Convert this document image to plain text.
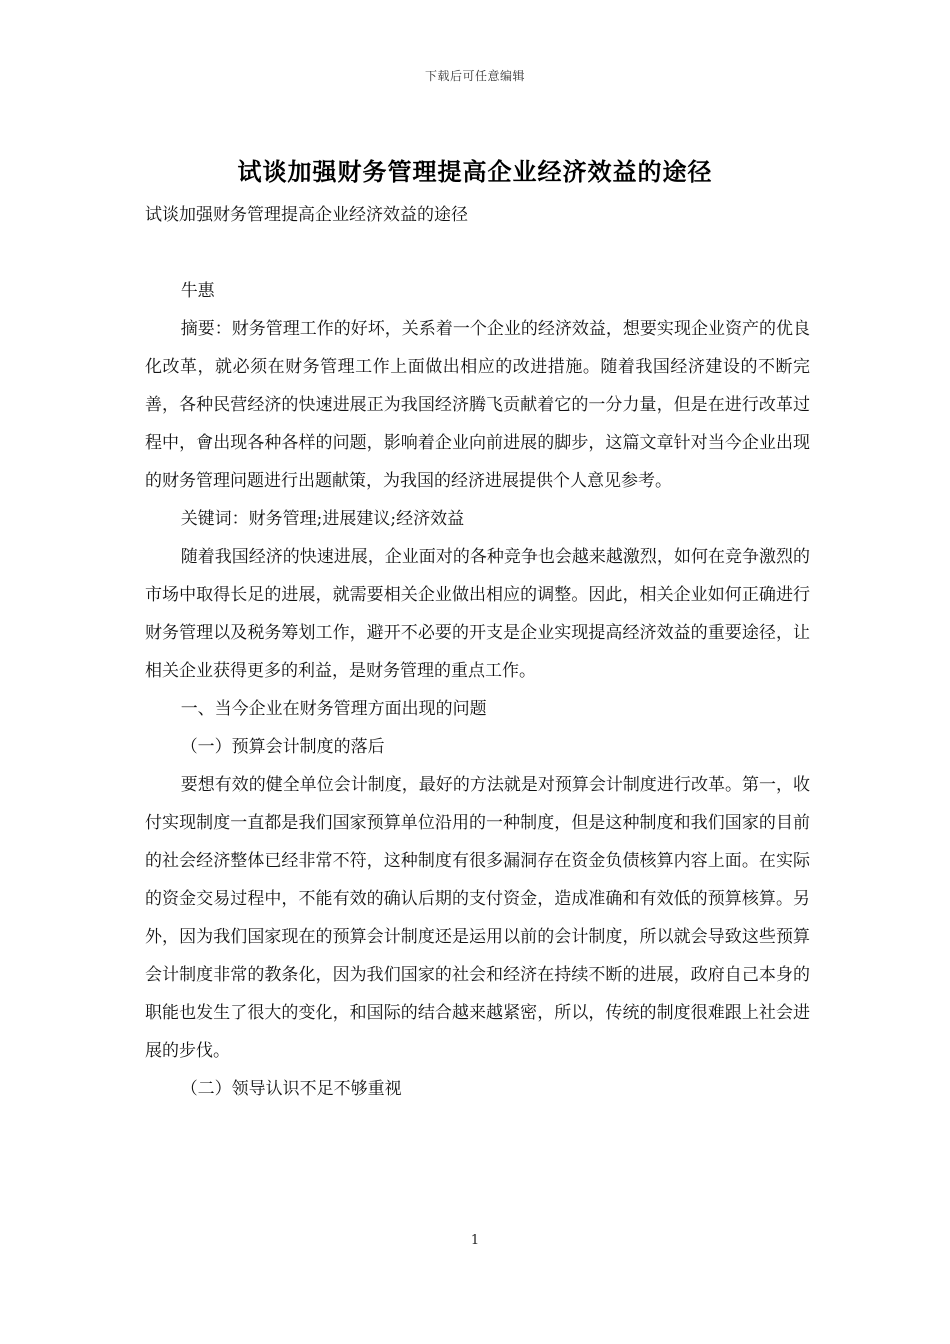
下载后可任意编辑
试谈加强财务管理提高企业经济效益的途径

试谈加强财务管理提高企业经济效益的途径

牛惠

摘要：财务管理工作的好坏，关系着一个企业的经济效益，想要实现企业资产的优良化改革，就必须在财务管理工作上面做出相应的改进措施。随着我国经济建设的不断完善，各种民营经济的快速进展正为我国经济腾飞贡献着它的一分力量，但是在进行改革过程中，會出现各种各样的问题，影响着企业向前进展的脚步，这篇文章针对当今企业出现的财务管理问题进行出题献策，为我国的经济进展提供个人意见参考。

关键词：财务管理;进展建议;经济效益

随着我国经济的快速进展，企业面对的各种竞争也会越来越激烈，如何在竞争激烈的市场中取得长足的进展，就需要相关企业做出相应的调整。因此，相关企业如何正确进行财务管理以及税务筹划工作，避开不必要的开支是企业实现提高经济效益的重要途径，让相关企业获得更多的利益，是财务管理的重点工作。

一、当今企业在财务管理方面出现的问题

（一）预算会计制度的落后

要想有效的健全单位会计制度，最好的方法就是对预算会计制度进行改革。第一，收付实现制度一直都是我们国家预算单位沿用的一种制度，但是这种制度和我们国家的目前的社会经济整体已经非常不符，这种制度有很多漏洞存在资金负债核算内容上面。在实际的资金交易过程中，不能有效的确认后期的支付资金，造成准确和有效低的预算核算。另外，因为我们国家现在的预算会计制度还是运用以前的会计制度，所以就会导致这些预算会计制度非常的教条化，因为我们国家的社会和经济在持续不断的进展，政府自己本身的职能也发生了很大的变化，和国际的结合越来越紧密，所以，传统的制度很难跟上社会进展的步伐。

（二）领导认识不足不够重视

1
